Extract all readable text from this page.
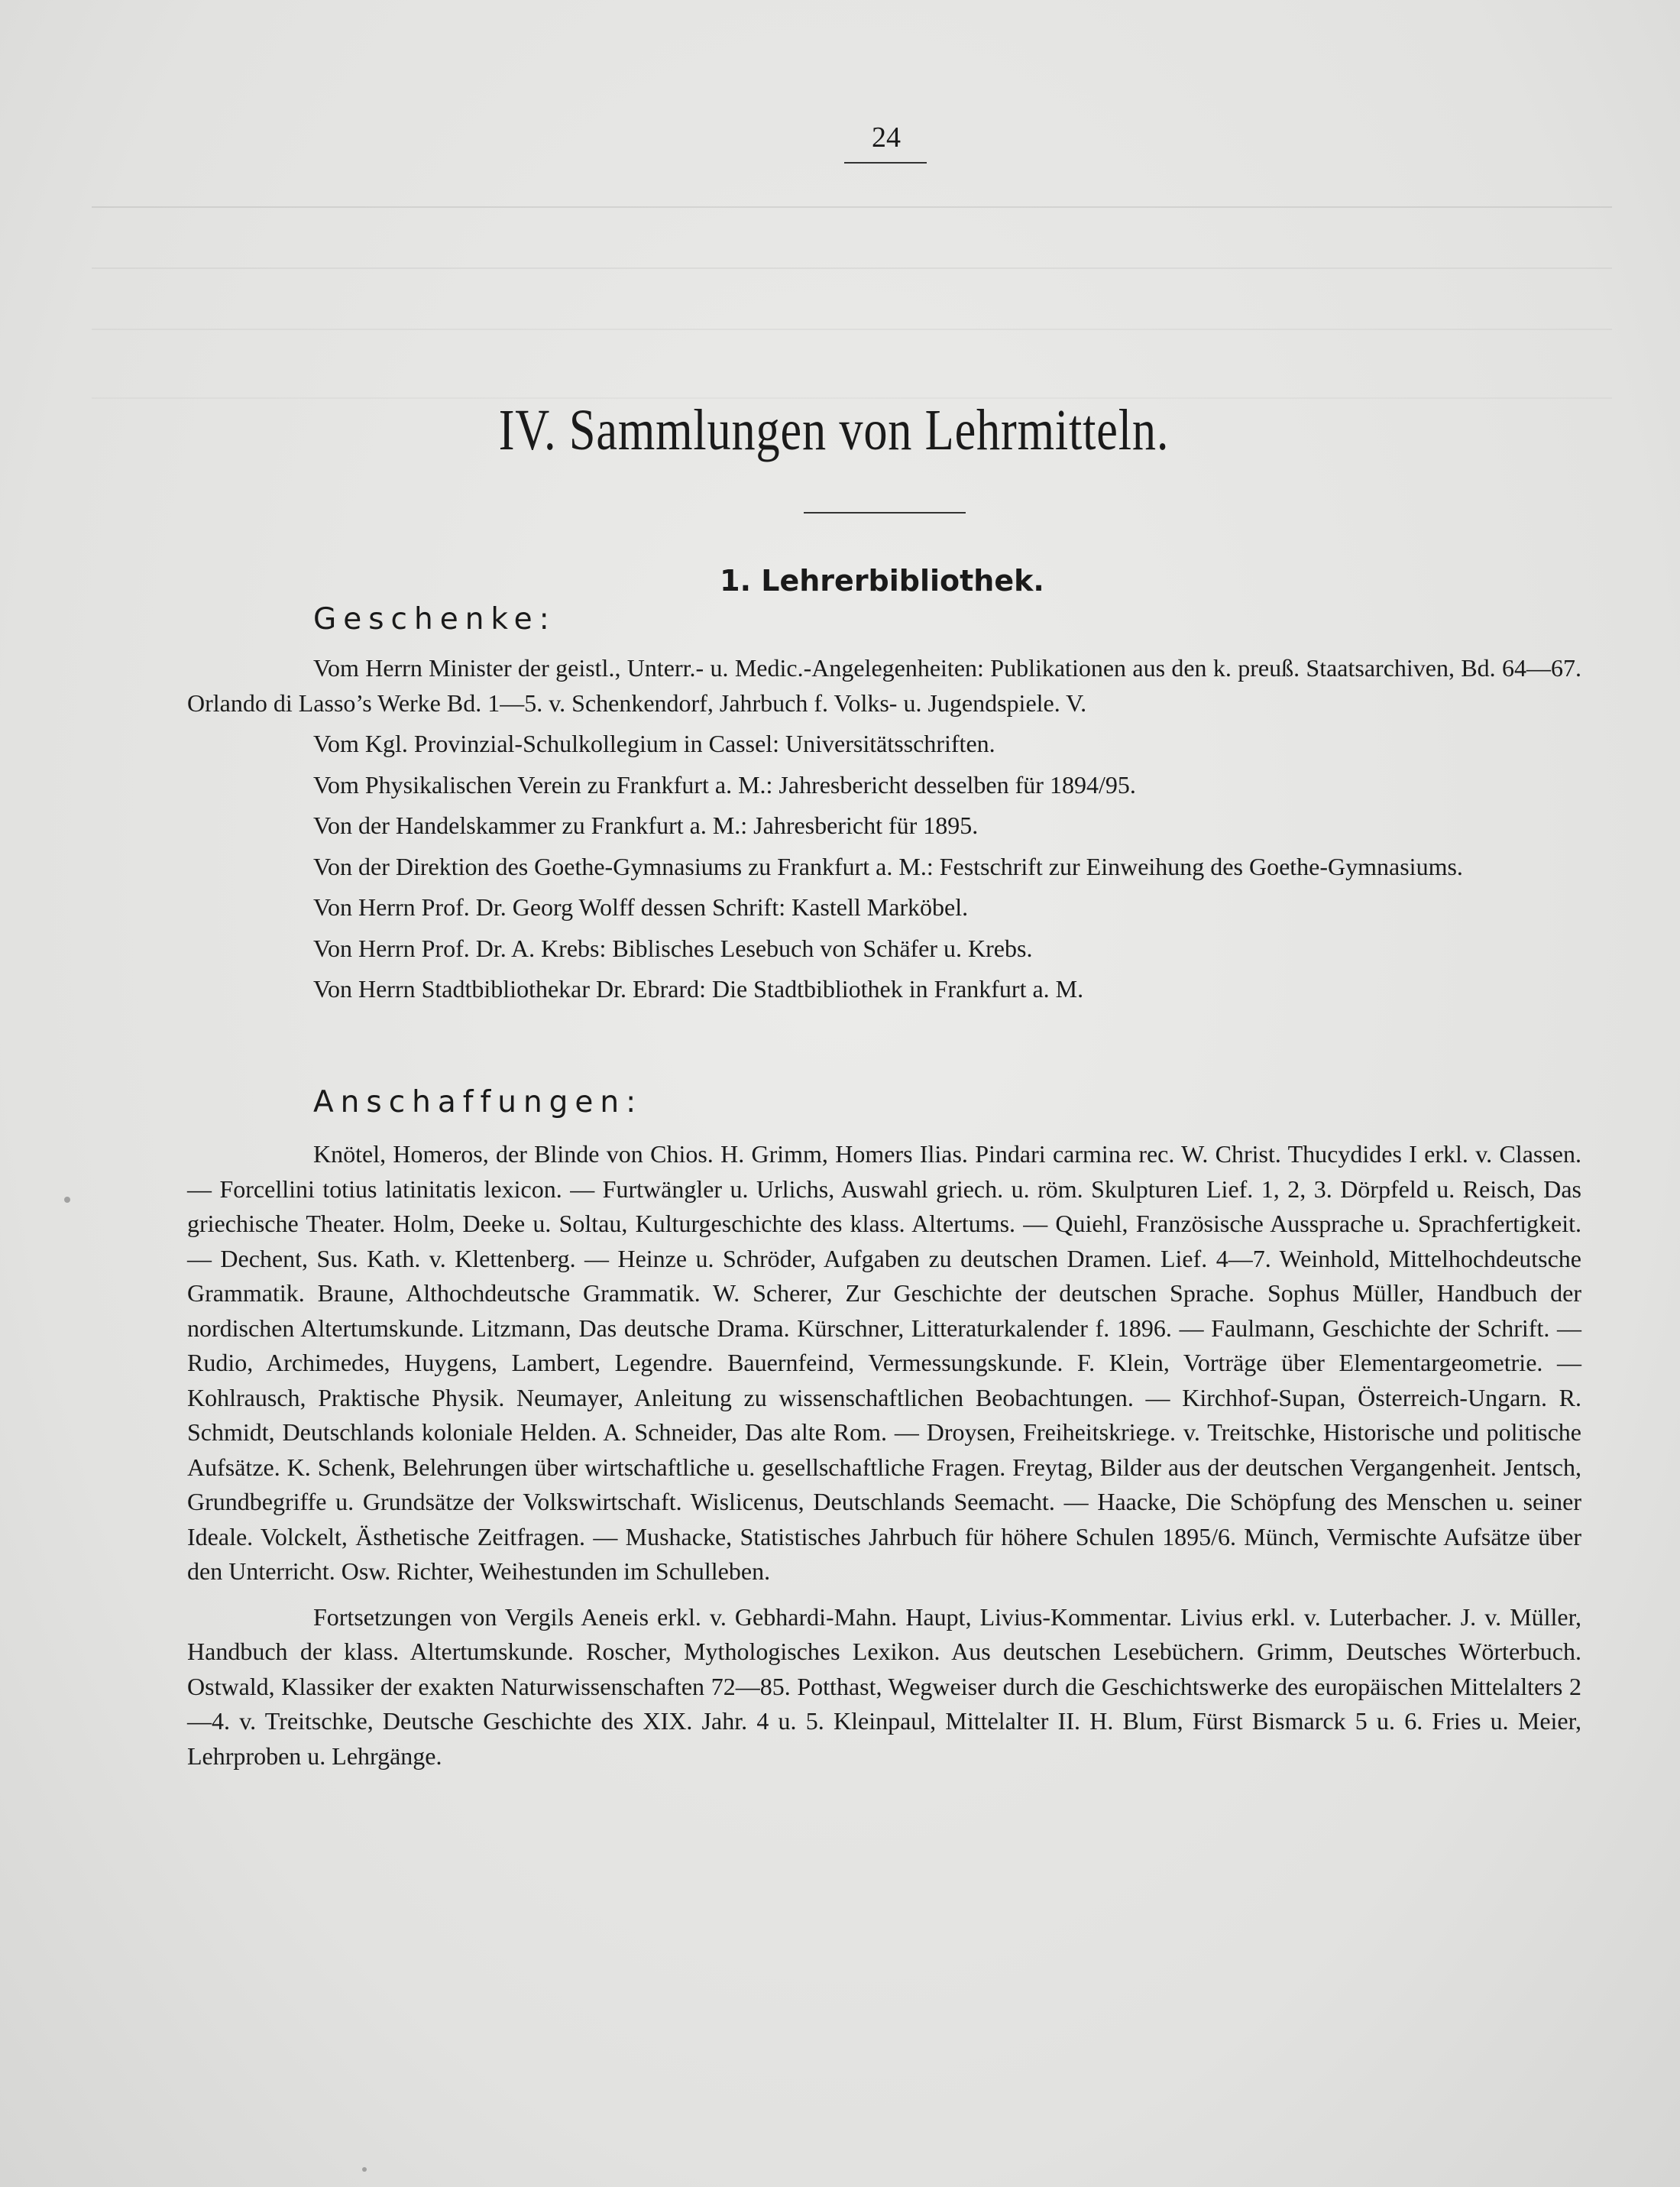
24
IV. Sammlungen von Lehrmitteln.
1. Lehrerbibliothek.
Geschenke:

Vom Herrn Minister der geistl., Unterr.- u. Medic.-Angelegenheiten: Publikationen aus den k. preuß. Staatsarchiven, Bd. 64—67. Orlando di Lasso’s Werke Bd. 1—5. v. Schenkendorf, Jahrbuch f. Volks- u. Jugendspiele. V.

Vom Kgl. Provinzial-Schulkollegium in Cassel: Universitätsschriften.

Vom Physikalischen Verein zu Frankfurt a. M.: Jahresbericht desselben für 1894/95.

Von der Handelskammer zu Frankfurt a. M.: Jahresbericht für 1895.

Von der Direktion des Goethe-Gymnasiums zu Frankfurt a. M.: Festschrift zur Einweihung des Goethe-Gymnasiums.

Von Herrn Prof. Dr. Georg Wolff dessen Schrift: Kastell Marköbel.

Von Herrn Prof. Dr. A. Krebs: Biblisches Lesebuch von Schäfer u. Krebs.

Von Herrn Stadtbibliothekar Dr. Ebrard: Die Stadtbibliothek in Frankfurt a. M.

Anschaffungen:

Knötel, Homeros, der Blinde von Chios. H. Grimm, Homers Ilias. Pindari carmina rec. W. Christ. Thucydides I erkl. v. Classen. — Forcellini totius latinitatis lexicon. — Furtwängler u. Urlichs, Auswahl griech. u. röm. Skulpturen Lief. 1, 2, 3. Dörpfeld u. Reisch, Das griechische Theater. Holm, Deeke u. Soltau, Kulturgeschichte des klass. Altertums. — Quiehl, Französische Aussprache u. Sprachfertigkeit. — Dechent, Sus. Kath. v. Klettenberg. — Heinze u. Schröder, Aufgaben zu deutschen Dramen. Lief. 4—7. Weinhold, Mittelhochdeutsche Grammatik. Braune, Althochdeutsche Grammatik. W. Scherer, Zur Geschichte der deutschen Sprache. Sophus Müller, Handbuch der nordischen Altertumskunde. Litzmann, Das deutsche Drama. Kürschner, Litteraturkalender f. 1896. — Faulmann, Geschichte der Schrift. — Rudio, Archimedes, Huygens, Lambert, Legendre. Bauernfeind, Vermessungskunde. F. Klein, Vorträge über Elementargeometrie. — Kohlrausch, Praktische Physik. Neumayer, Anleitung zu wissenschaftlichen Beobachtungen. — Kirchhof-Supan, Österreich-Ungarn. R. Schmidt, Deutschlands koloniale Helden. A. Schneider, Das alte Rom. — Droysen, Freiheitskriege. v. Treitschke, Historische und politische Aufsätze. K. Schenk, Belehrungen über wirtschaftliche u. gesellschaftliche Fragen. Freytag, Bilder aus der deutschen Vergangenheit. Jentsch, Grundbegriffe u. Grundsätze der Volkswirtschaft. Wislicenus, Deutschlands Seemacht. — Haacke, Die Schöpfung des Menschen u. seiner Ideale. Volckelt, Ästhetische Zeitfragen. — Mushacke, Statistisches Jahrbuch für höhere Schulen 1895/6. Münch, Vermischte Aufsätze über den Unterricht. Osw. Richter, Weihestunden im Schulleben.

Fortsetzungen von Vergils Aeneis erkl. v. Gebhardi-Mahn. Haupt, Livius-Kommentar. Livius erkl. v. Luterbacher. J. v. Müller, Handbuch der klass. Altertumskunde. Roscher, Mythologisches Lexikon. Aus deutschen Lesebüchern. Grimm, Deutsches Wörterbuch. Ostwald, Klassiker der exakten Naturwissenschaften 72—85. Potthast, Wegweiser durch die Geschichtswerke des europäischen Mittelalters 2—4. v. Treitschke, Deutsche Geschichte des XIX. Jahr. 4 u. 5. Kleinpaul, Mittelalter II. H. Blum, Fürst Bismarck 5 u. 6. Fries u. Meier, Lehrproben u. Lehrgänge.
